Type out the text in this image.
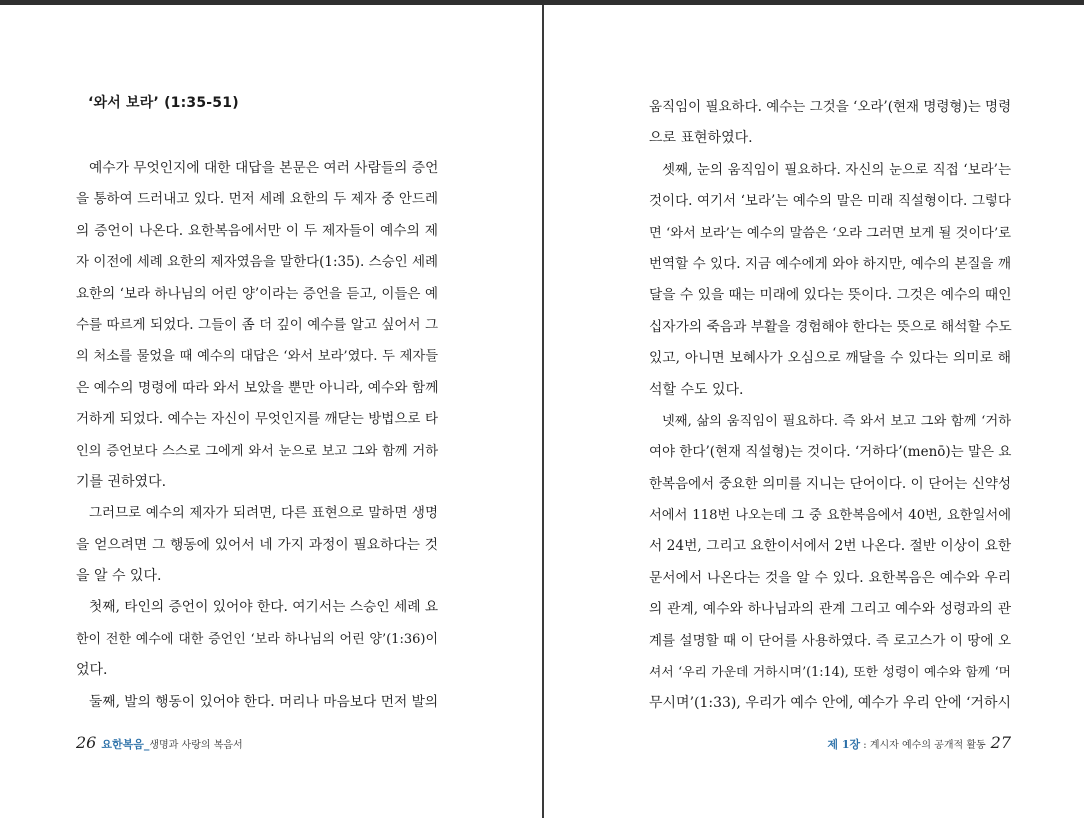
‘와서 보라’ (1:35-51)
예수가 무엇인지에 대한 대답을 본문은 여러 사람들의 증언
을 통하여 드러내고 있다. 먼저 세례 요한의 두 제자 중 안드레
의 증언이 나온다. 요한복음에서만 이 두 제자들이 예수의 제
자 이전에 세례 요한의 제자였음을 말한다(1:35). 스승인 세례
요한의 ‘보라 하나님의 어린 양’이라는 증언을 듣고, 이들은 예
수를 따르게 되었다. 그들이 좀 더 깊이 예수를 알고 싶어서 그
의 처소를 물었을 때 예수의 대답은 ‘와서 보라’였다. 두 제자들
은 예수의 명령에 따라 와서 보았을 뿐만 아니라, 예수와 함께
거하게 되었다. 예수는 자신이 무엇인지를 깨닫는 방법으로 타
인의 증언보다 스스로 그에게 와서 눈으로 보고 그와 함께 거하
기를 권하였다.
그러므로 예수의 제자가 되려면, 다른 표현으로 말하면 생명
을 얻으려면 그 행동에 있어서 네 가지 과정이 필요하다는 것
을 알 수 있다.
첫째, 타인의 증언이 있어야 한다. 여기서는 스승인 세례 요
한이 전한 예수에 대한 증언인 ‘보라 하나님의 어린 양’(1:36)이
었다.
둘째, 발의 행동이 있어야 한다. 머리나 마음보다 먼저 발의
26 요한복음_ 생명과 사랑의 복음서
움직임이 필요하다. 예수는 그것을 ‘오라’(현재 명령형)는 명령
으로 표현하였다.
셋째, 눈의 움직임이 필요하다. 자신의 눈으로 직접 ‘보라’는
것이다. 여기서 ‘보라’는 예수의 말은 미래 직설형이다. 그렇다
면 ‘와서 보라’는 예수의 말씀은 ‘오라 그러면 보게 될 것이다’로
번역할 수 있다. 지금 예수에게 와야 하지만, 예수의 본질을 깨
달을 수 있을 때는 미래에 있다는 뜻이다. 그것은 예수의 때인
십자가의 죽음과 부활을 경험해야 한다는 뜻으로 해석할 수도
있고, 아니면 보혜사가 오심으로 깨달을 수 있다는 의미로 해
석할 수도 있다.
넷째, 삶의 움직임이 필요하다. 즉 와서 보고 그와 함께 ‘거하
여야 한다’(현재 직설형)는 것이다. ‘거하다’(menō)는 말은 요
한복음에서 중요한 의미를 지니는 단어이다. 이 단어는 신약성
서에서 118번 나오는데 그 중 요한복음에서 40번, 요한일서에
서 24번, 그리고 요한이서에서 2번 나온다. 절반 이상이 요한
문서에서 나온다는 것을 알 수 있다. 요한복음은 예수와 우리
의 관계, 예수와 하나님과의 관계 그리고 예수와 성령과의 관
계를 설명할 때 이 단어를 사용하였다. 즉 로고스가 이 땅에 오
셔서 ‘우리 가운데 거하시며’(1:14), 또한 성령이 예수와 함께 ‘머
무시며’(1:33), 우리가 예수 안에, 예수가 우리 안에 ‘거하시
제 1장 : 계시자 예수의 공개적 활동 27
